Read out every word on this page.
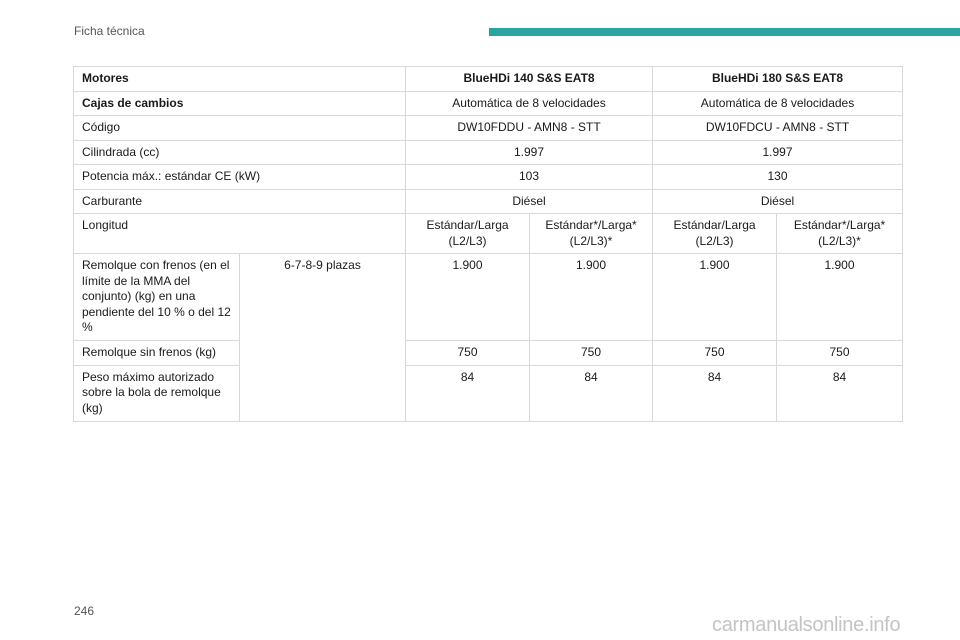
Ficha técnica
Motores		BlueHDi 140 S&S EAT8		BlueHDi 180 S&S EAT8	
Cajas de cambios		Automática de 8 velocidades		Automática de 8 velocidades	
Código		DW10FDDU - AMN8 - STT		DW10FDCU - AMN8 - STT	
Cilindrada (cc)		1.997		1.997	
Potencia máx.: estándar CE (kW)		103		130	
Carburante		Diésel		Diésel	
Longitud		Estándar/Larga (L2/L3)	Estándar*/Larga* (L2/L3)*	Estándar/Larga (L2/L3)	Estándar*/Larga* (L2/L3)*
Remolque con frenos (en el límite de la MMA del conjunto) (kg) en una pendiente del 10 % o del 12 %	6-7-8-9 plazas	1.900	1.900	1.900	1.900
Remolque sin frenos (kg)		750	750	750	750
Peso máximo autorizado sobre la bola de remolque (kg)		84	84	84	84
246
carmanualsonline.info
